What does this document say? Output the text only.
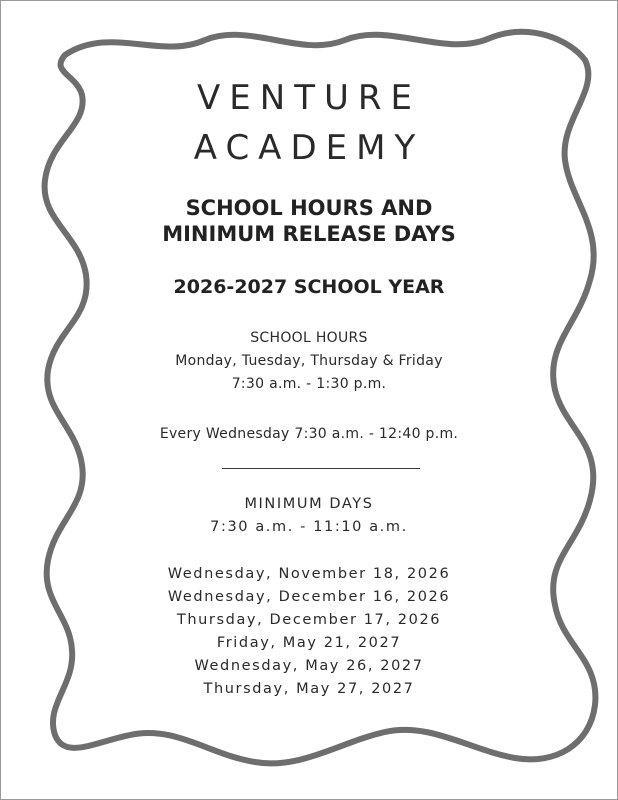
VENTURE
ACADEMY
SCHOOL HOURS AND
MINIMUM RELEASE DAYS
2026-2027 SCHOOL YEAR
SCHOOL HOURS
Monday, Tuesday, Thursday & Friday
7:30 a.m. - 1:30 p.m.
Every Wednesday 7:30 a.m. - 12:40 p.m.
MINIMUM DAYS
7:30 a.m. - 11:10 a.m.
Wednesday, November 18, 2026
Wednesday, December 16, 2026
Thursday, December 17, 2026
Friday, May 21, 2027
Wednesday, May 26, 2027
Thursday, May 27, 2027
